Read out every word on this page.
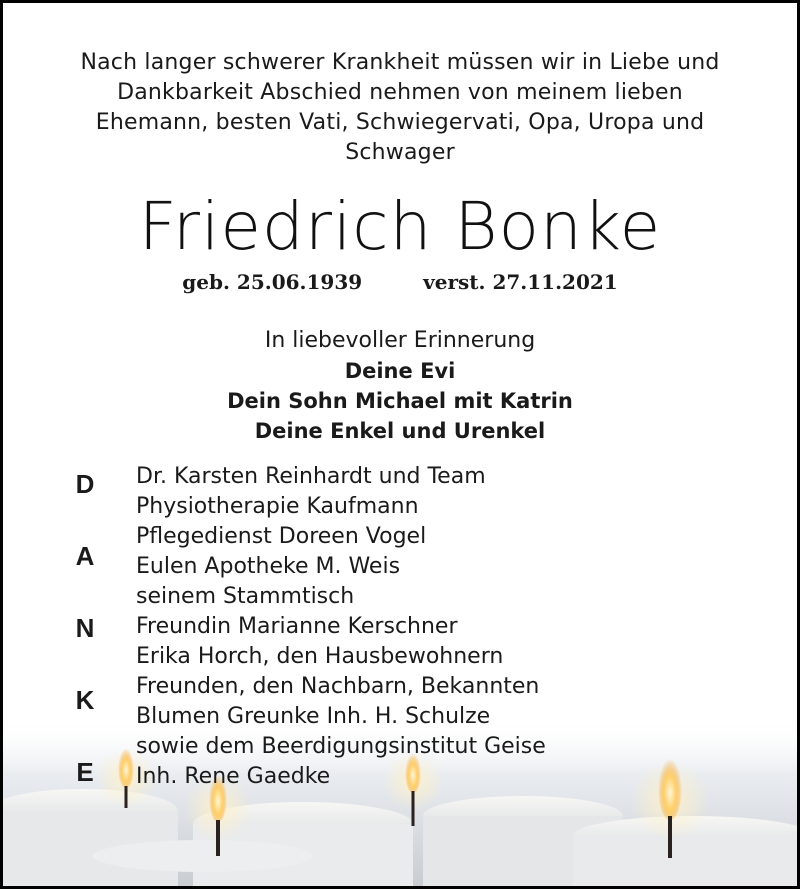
Nach langer schwerer Krankheit müssen wir in Liebe und
Dankbarkeit Abschied nehmen von meinem lieben
Ehemann, besten Vati, Schwiegervati, Opa, Uropa und
Schwager
Friedrich Bonke
geb. 25.06.1939	verst. 27.11.2021
In liebevoller Erinnerung
Deine Evi
Dein Sohn Michael mit Katrin
Deine Enkel und Urenkel
D
A
N
K
E
Dr. Karsten Reinhardt und Team
Physiotherapie Kaufmann
Pflegedienst Doreen Vogel
Eulen Apotheke M. Weis
seinem Stammtisch
Freundin Marianne Kerschner
Erika Horch, den Hausbewohnern
Freunden, den Nachbarn, Bekannten
Blumen Greunke Inh. H. Schulze
sowie dem Beerdigungsinstitut Geise
Inh. Rene Gaedke
